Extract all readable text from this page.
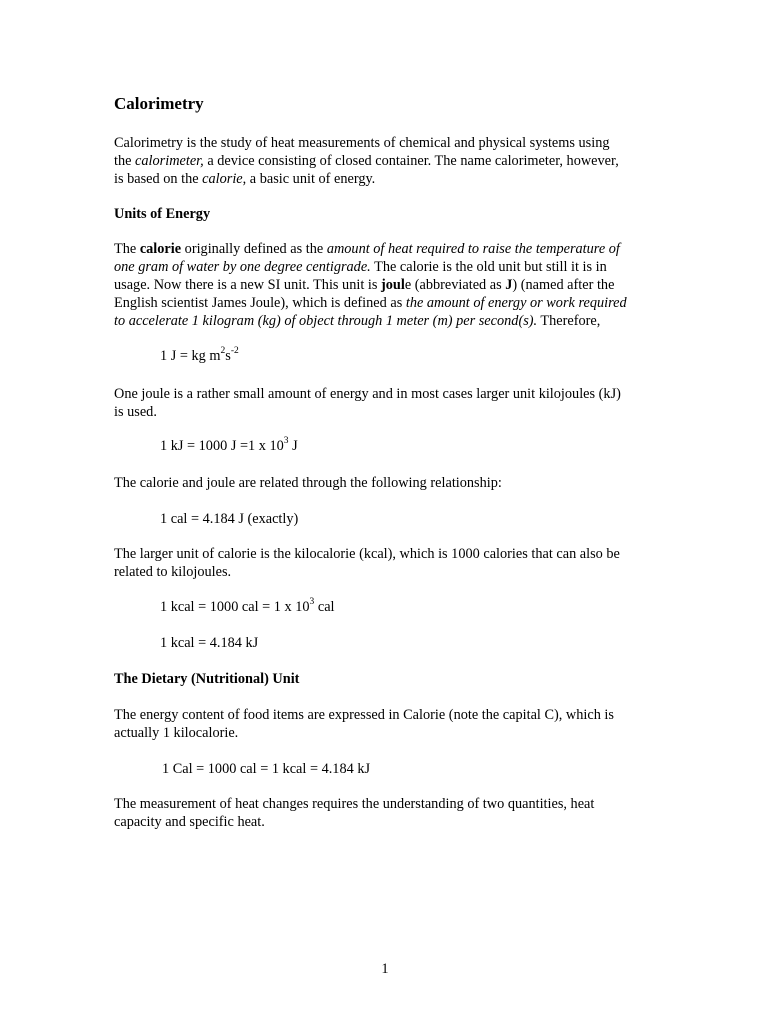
Calorimetry
Calorimetry is the study of heat measurements of chemical and physical systems using
the calorimeter, a device consisting of closed container. The name calorimeter, however,
is based on the calorie, a basic unit of energy.
Units of Energy
The calorie originally defined as the amount of heat required to raise the temperature of
one gram of water by one degree centigrade. The calorie is the old unit but still it is in
usage. Now there is a new SI unit. This unit is joule (abbreviated as J) (named after the
English scientist James Joule), which is defined as the amount of energy or work required
to accelerate 1 kilogram (kg) of object through 1 meter (m) per second(s). Therefore,
1 J = kg $m^2s^{-2}$
One joule is a rather small amount of energy and in most cases larger unit kilojoules (kJ)
is used.
1 kJ = 1000 J =1 x $10^3$ J
The calorie and joule are related through the following relationship:
1 cal = 4.184 J (exactly)
The larger unit of calorie is the kilocalorie (kcal), which is 1000 calories that can also be
related to kilojoules.
1 kcal = 1000 cal = 1 x $10^3$ cal
1 kcal = 4.184 kJ
The Dietary (Nutritional) Unit
The energy content of food items are expressed in Calorie (note the capital C), which is
actually 1 kilocalorie.
1 Cal = 1000 cal = 1 kcal = 4.184 kJ
The measurement of heat changes requires the understanding of two quantities, heat
capacity and specific heat.
1
